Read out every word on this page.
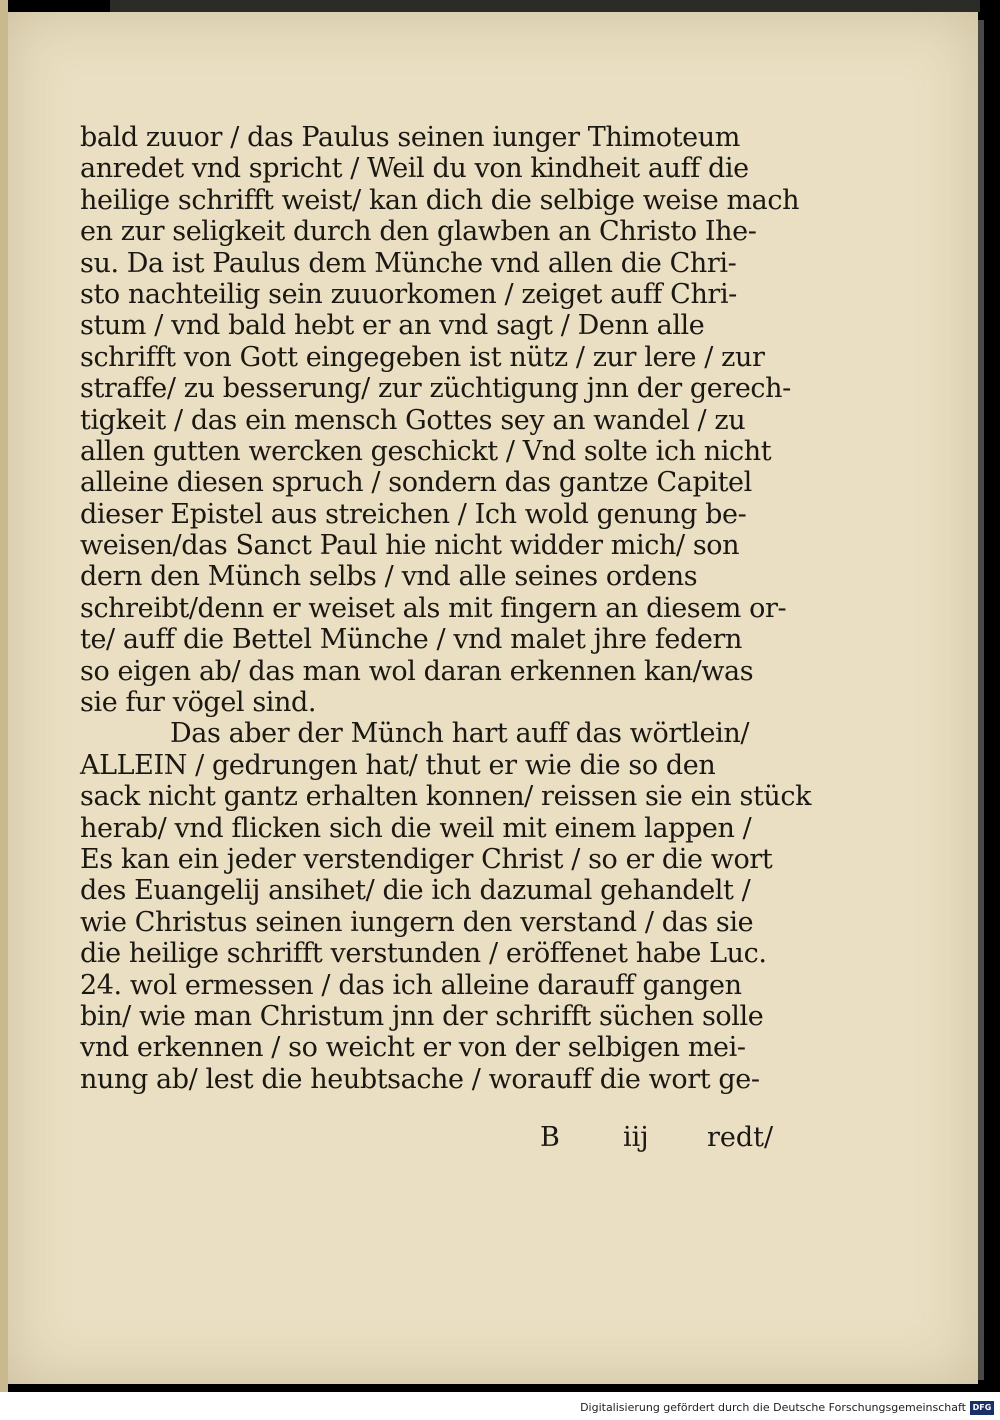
bald zuuor / das Paulus seinen iunger Thimoteum
anredet vnd spricht / Weil du von kindheit auff die
heilige schrifft weist/ kan dich die selbige weise mach
en zur seligkeit durch den glawben an Christo Ihe-
su. Da ist Paulus dem Münche vnd allen die Chri-
sto nachteilig sein zuuorkomen / zeiget auff Chri-
stum / vnd bald hebt er an vnd sagt / Denn alle
schrifft von Gott eingegeben ist nütz / zur lere / zur
straffe/ zu besserung/ zur züchtigung jnn der gerech-
tigkeit / das ein mensch Gottes sey an wandel / zu
allen gutten wercken geschickt / Vnd solte ich nicht
alleine diesen spruch / sondern das gantze Capitel
dieser Epistel aus streichen / Ich wold genung be-
weisen/das Sanct Paul hie nicht widder mich/ son
dern den Münch selbs / vnd alle seines ordens
schreibt/denn er weiset als mit fingern an diesem or-
te/ auff die Bettel Münche / vnd malet jhre federn
so eigen ab/ das man wol daran erkennen kan/was
sie fur vögel sind.
Das aber der Münch hart auff das wörtlein/
ALLEIN / gedrungen hat/ thut er wie die so den
sack nicht gantz erhalten konnen/ reissen sie ein stück
herab/ vnd flicken sich die weil mit einem lappen /
Es kan ein jeder verstendiger Christ / so er die wort
des Euangelij ansihet/ die ich dazumal gehandelt /
wie Christus seinen iungern den verstand / das sie
die heilige schrifft verstunden / eröffenet habe Luc.
24. wol ermessen / das ich alleine darauff gangen
bin/ wie man Christum jnn der schrifft süchen solle
vnd erkennen / so weicht er von der selbigen mei-
nung ab/ lest die heubtsache / worauff die wort ge-
B iij redt/
Digitalisierung gefördert durch die Deutsche Forschungsgemeinschaft DFG
